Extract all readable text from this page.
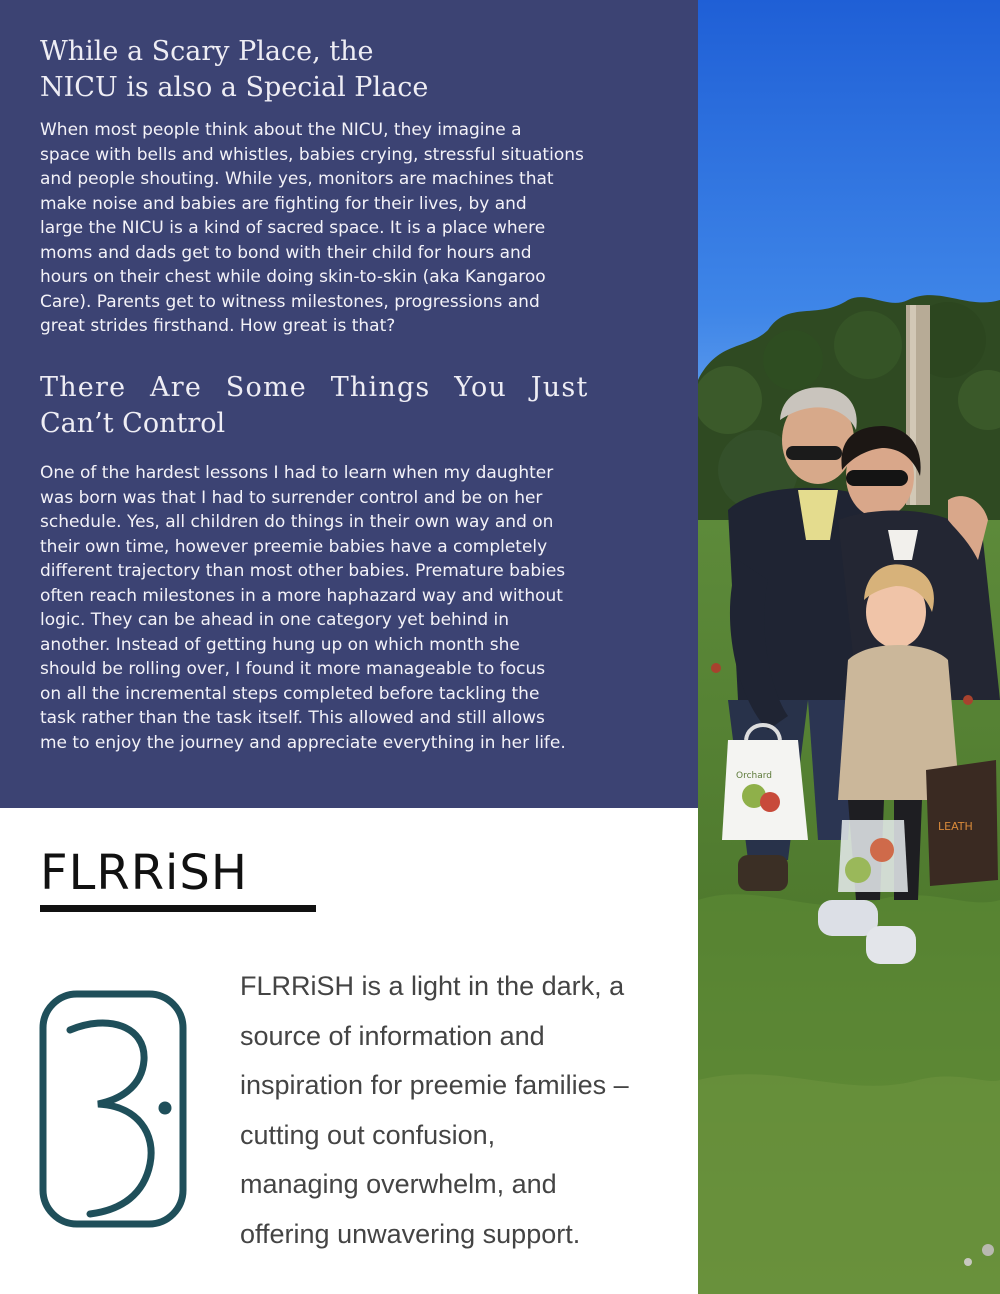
While a Scary Place, the
NICU is also a Special Place
When most people think about the NICU, they imagine a
space with bells and whistles, babies crying, stressful situations
and people shouting. While yes, monitors are machines that
make noise and babies are fighting for their lives, by and
large the NICU is a kind of sacred space. It is a place where
moms and dads get to bond with their child for hours and
hours on their chest while doing skin-to-skin (aka Kangaroo
Care). Parents get to witness milestones, progressions and
great strides firsthand. How great is that?
There Are Some Things You Just
Can’t Control
One of the hardest lessons I had to learn when my daughter
was born was that I had to surrender control and be on her
schedule. Yes, all children do things in their own way and on
their own time, however preemie babies have a completely
different trajectory than most other babies. Premature babies
often reach milestones in a more haphazard way and without
logic. They can be ahead in one category yet behind in
another. Instead of getting hung up on which month she
should be rolling over, I found it more manageable to focus
on all the incremental steps completed before tackling the
task rather than the task itself. This allowed and still allows
me to enjoy the journey and appreciate everything in her life.
FLRRiSH
FLRRiSH is a light in the dark, a
source of information and
inspiration for preemie families –
cutting out confusion,
managing overwhelm, and
offering unwavering support.
Orchard
LEATH
